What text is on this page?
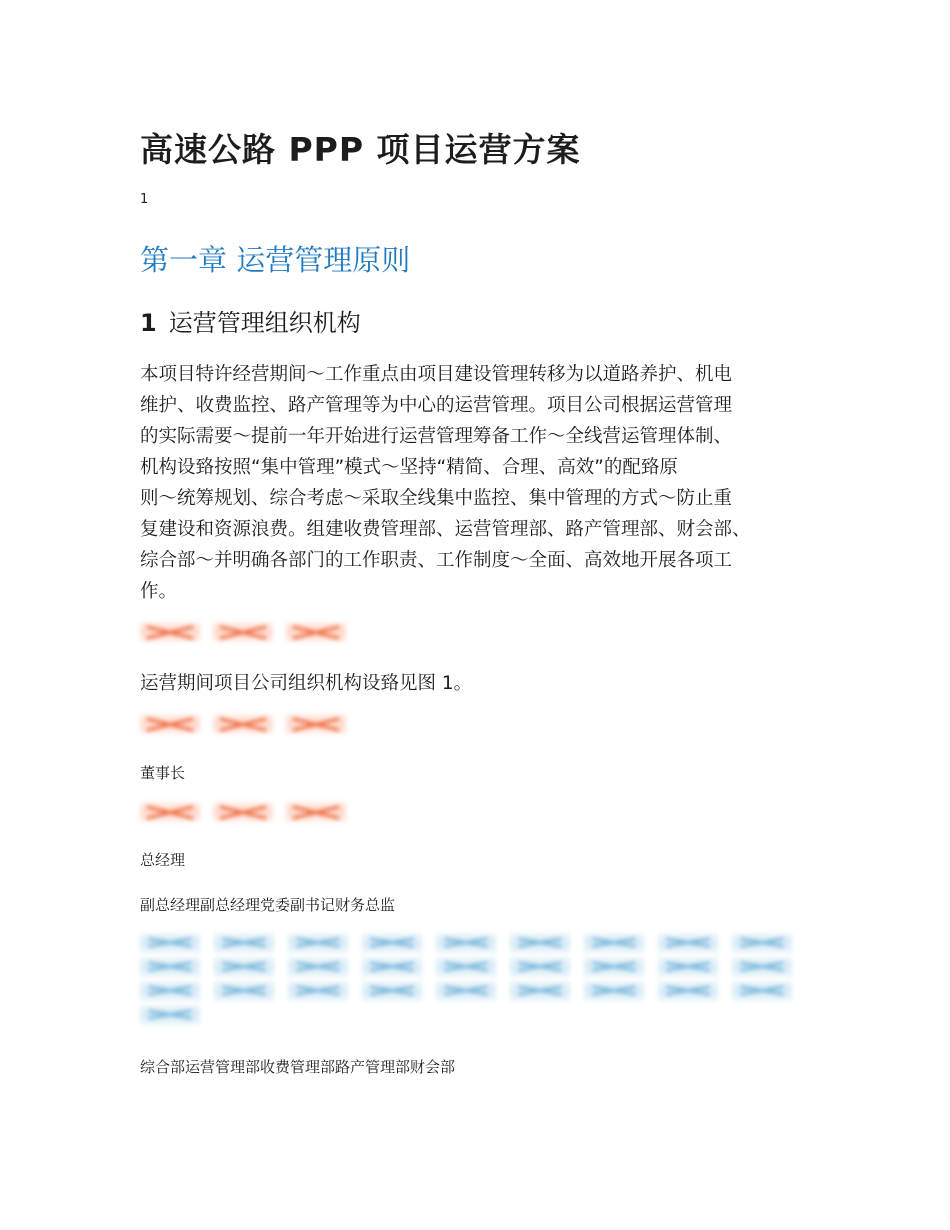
高速公路 PPP 项目运营方案
1
第一章 运营管理原则
1 运营管理组织机构
本项目特许经营期间～工作重点由项目建设管理转移为以道路养护、机电
维护、收费监控、路产管理等为中心的运营管理。项目公司根据运营管理
的实际需要～提前一年开始进行运营管理筹备工作～全线营运管理体制、
机构设臵按照“集中管理”模式～坚持“精简、合理、高效”的配臵原
则～统筹规划、综合考虑～采取全线集中监控、集中管理的方式～防止重
复建设和资源浪费。组建收费管理部、运营管理部、路产管理部、财会部、
综合部～并明确各部门的工作职责、工作制度～全面、高效地开展各项工
作。

运营期间项目公司组织机构设臵见图 1。

董事长

总经理

副总经理副总经理党委副书记财务总监

综合部运营管理部收费管理部路产管理部财会部
